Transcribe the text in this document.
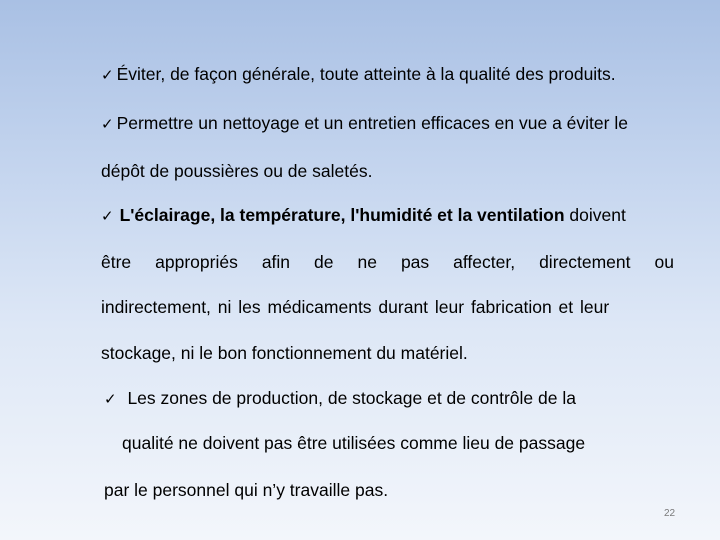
✓ Éviter, de façon générale, toute atteinte à la qualité des produits.
✓ Permettre un nettoyage et un entretien efficaces en vue a éviter le
dépôt de poussières ou de saletés.
✓ L'éclairage, la température, l'humidité et la ventilation doivent
être appropriés afin de ne pas affecter, directement ou
indirectement, ni les médicaments durant leur fabrication et leur
stockage, ni le bon fonctionnement du matériel.
✓ Les zones de production, de stockage et de contrôle de la
qualité ne doivent pas être utilisées comme lieu de passage
par le personnel qui n’y travaille pas.
22
